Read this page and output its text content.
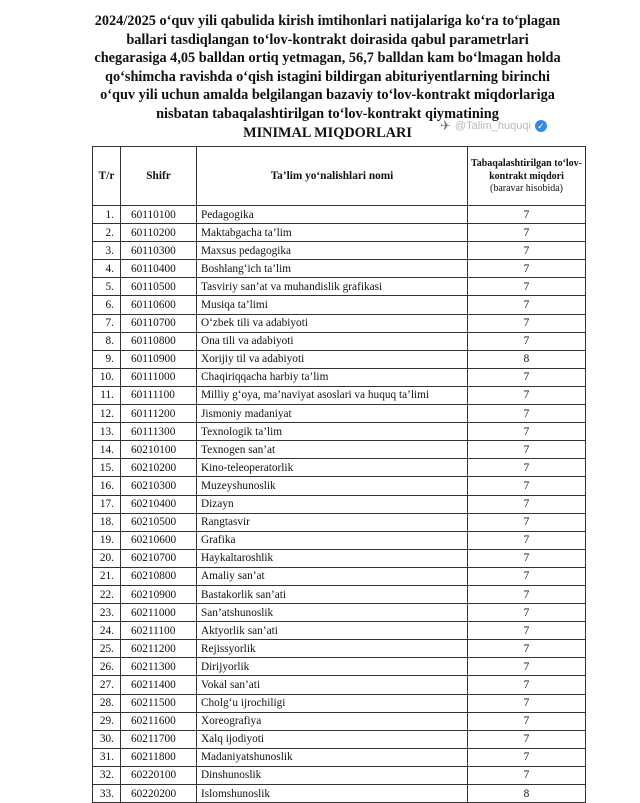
2024/2025 o‘quv yili qabulida kirish imtihonlari natijalariga ko‘ra to‘plagan
ballari tasdiqlangan to‘lov-kontrakt doirasida qabul parametrlari
chegarasiga 4,05 balldan ortiq yetmagan, 56,7 balldan kam bo‘lmagan holda
qo‘shimcha ravishda o‘qish istagini bildirgan abituriyentlarning birinchi
o‘quv yili uchun amalda belgilangan bazaviy to‘lov-kontrakt miqdorlariga
nisbatan tabaqalashtirilgan to‘lov-kontrakt qiymatining
MINIMAL MIQDORLARI	✈ @Talim_huquqi ✓
T/r	Shifr	Ta’lim yo‘nalishlari nomi	Tabaqalashtirilgan to‘lov-kontrakt miqdori
(baravar hisobida)

1.	60110100	Pedagogika	7
2.	60110200	Maktabgacha ta’lim	7
3.	60110300	Maxsus pedagogika	7
4.	60110400	Boshlang‘ich ta’lim	7
5.	60110500	Tasviriy san’at va muhandislik grafikasi	7
6.	60110600	Musiqa ta’limi	7
7.	60110700	O‘zbek tili va adabiyoti	7
8.	60110800	Ona tili va adabiyoti	7
9.	60110900	Xorijiy til va adabiyoti	8
10.	60111000	Chaqiriqqacha harbiy ta’lim	7
11.	60111100	Milliy g‘oya, ma’naviyat asoslari va huquq ta’limi	7
12.	60111200	Jismoniy madaniyat	7
13.	60111300	Texnologik ta’lim	7
14.	60210100	Texnogen san’at	7
15.	60210200	Kino-teleoperatorlik	7
16.	60210300	Muzeyshunoslik	7
17.	60210400	Dizayn	7
18.	60210500	Rangtasvir	7
19.	60210600	Grafika	7
20.	60210700	Haykaltaroshlik	7
21.	60210800	Amaliy san’at	7
22.	60210900	Bastakorlik san’ati	7
23.	60211000	San’atshunoslik	7
24.	60211100	Aktyorlik san’ati	7
25.	60211200	Rejissyorlik	7
26.	60211300	Dirijyorlik	7
27.	60211400	Vokal san’ati	7
28.	60211500	Cholg‘u ijrochiligi	7
29.	60211600	Xoreografiya	7
30.	60211700	Xalq ijodiyoti	7
31.	60211800	Madaniyatshunoslik	7
32.	60220100	Dinshunoslik	7
33.	60220200	Islomshunoslik	8
